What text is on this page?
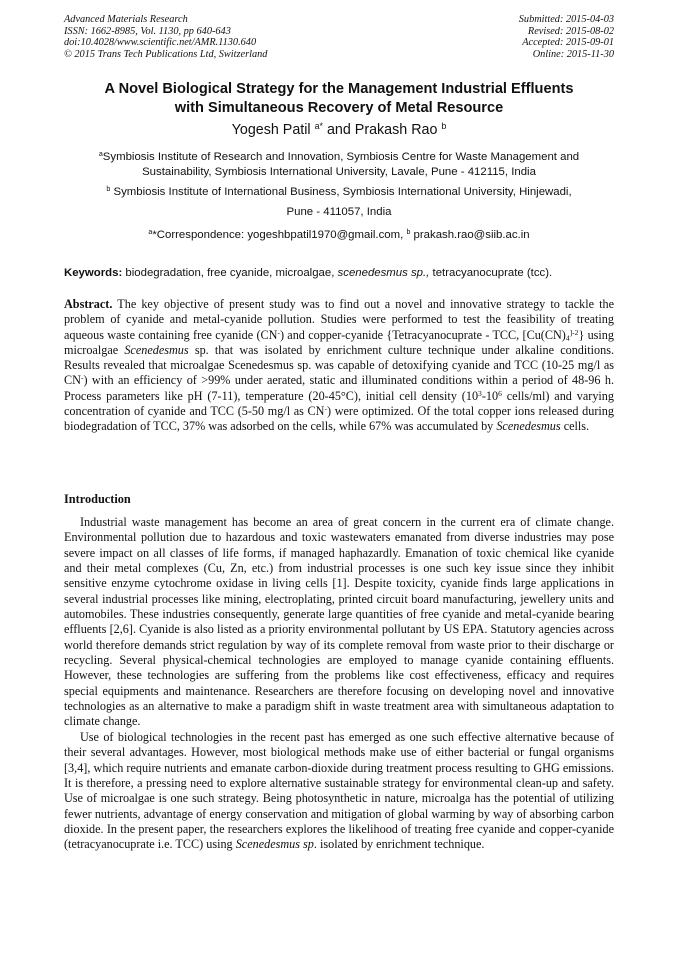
Advanced Materials Research
ISSN: 1662-8985, Vol. 1130, pp 640-643
doi:10.4028/www.scientific.net/AMR.1130.640
© 2015 Trans Tech Publications Ltd, Switzerland
Submitted: 2015-04-03
Revised: 2015-08-02
Accepted: 2015-09-01
Online: 2015-11-30
A Novel Biological Strategy for the Management Industrial Effluents
with Simultaneous Recovery of Metal Resource
Yogesh Patil $^{a*}$ and Prakash Rao $^b$
$^a$Symbiosis Institute of Research and Innovation, Symbiosis Centre for Waste Management and
Sustainability, Symbiosis International University, Lavale, Pune - 412115, India
$^b$ Symbiosis Institute of International Business, Symbiosis International University, Hinjewadi,
Pune - 411057, India
$^a$*Correspondence: yogeshbpatil1970@gmail.com, $^b$ prakash.rao@siib.ac.in
Keywords: biodegradation, free cyanide, microalgae, scenedesmus sp., tetracyanocuprate (tcc).
Abstract. The key objective of present study was to find out a novel and innovative strategy to tackle the problem of cyanide and metal-cyanide pollution. Studies were performed to test the feasibility of treating aqueous waste containing free cyanide (CN-) and copper-cyanide {Tetracyanocuprate - TCC, $[Cu(CN)_4^{]-2}\}$ using microalgae Scenedesmus sp. that was isolated by enrichment culture technique under alkaline conditions. Results revealed that microalgae Scenedesmus sp. was capable of detoxifying cyanide and TCC (10-25 mg/l as CN-) with an efficiency of >99% under aerated, static and illuminated conditions within a period of 48-96 h. Process parameters like pH (7-11), temperature (20-45°C), initial cell density ($10^3-10^6$ cells/ml) and varying concentration of cyanide and TCC (5-50 mg/l as CN-) were optimized. Of the total copper ions released during biodegradation of TCC, 37% was adsorbed on the cells, while 67% was accumulated by Scenedesmus cells.
Introduction

Industrial waste management has become an area of great concern in the current era of climate change. Environmental pollution due to hazardous and toxic wastewaters emanated from diverse industries may pose severe impact on all classes of life forms, if managed haphazardly. Emanation of toxic chemical like cyanide and their metal complexes (Cu, Zn, etc.) from industrial processes is one such key issue since they inhibit sensitive enzyme cytochrome oxidase in living cells [1]. Despite toxicity, cyanide finds large applications in several industrial processes like mining, electroplating, printed circuit board manufacturing, jewellery units and automobiles. These industries consequently, generate large quantities of free cyanide and metal-cyanide bearing effluents [2,6]. Cyanide is also listed as a priority environmental pollutant by US EPA. Statutory agencies across world therefore demands strict regulation by way of its complete removal from waste prior to their discharge or recycling. Several physical-chemical technologies are employed to manage cyanide containing effluents. However, these technologies are suffering from the problems like cost effectiveness, efficacy and requires special equipments and maintenance. Researchers are therefore focusing on developing novel and innovative technologies as an alternative to make a paradigm shift in waste treatment area with simultaneous adaptation to climate change.

Use of biological technologies in the recent past has emerged as one such effective alternative because of their several advantages. However, most biological methods make use of either bacterial or fungal organisms [3,4], which require nutrients and emanate carbon-dioxide during treatment process resulting to GHG emissions. It is therefore, a pressing need to explore alternative sustainable strategy for environmental clean-up and safety. Use of microalgae is one such strategy. Being photosynthetic in nature, microalga has the potential of utilizing fewer nutrients, advantage of energy conservation and mitigation of global warming by way of absorbing carbon dioxide. In the present paper, the researchers explores the likelihood of treating free cyanide and copper-cyanide (tetracyanocuprate i.e. TCC) using Scenedesmus sp. isolated by enrichment technique.
